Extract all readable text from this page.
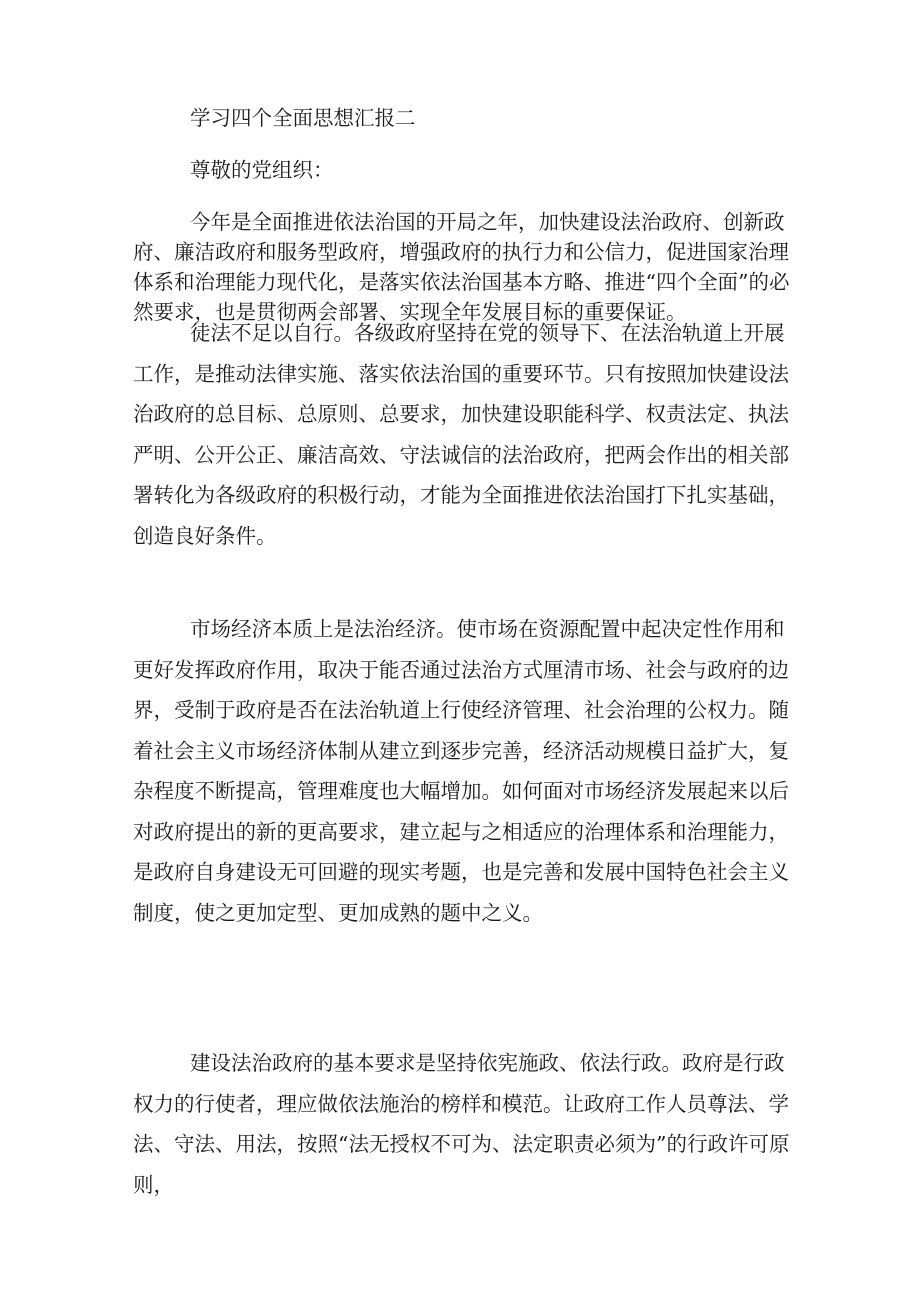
学习四个全面思想汇报二
尊敬的党组织：
今年是全面推进依法治国的开局之年，加快建设法治政府、创新政府、廉洁政府和服务型政府，增强政府的执行力和公信力，促进国家治理体系和治理能力现代化，是落实依法治国基本方略、推进“四个全面”的必然要求，也是贯彻两会部署、实现全年发展目标的重要保证。
徒法不足以自行。各级政府坚持在党的领导下、在法治轨道上开展工作，是推动法律实施、落实依法治国的重要环节。只有按照加快建设法治政府的总目标、总原则、总要求，加快建设职能科学、权责法定、执法严明、公开公正、廉洁高效、守法诚信的法治政府，把两会作出的相关部署转化为各级政府的积极行动，才能为全面推进依法治国打下扎实基础，创造良好条件。
市场经济本质上是法治经济。使市场在资源配置中起决定性作用和更好发挥政府作用，取决于能否通过法治方式厘清市场、社会与政府的边界，受制于政府是否在法治轨道上行使经济管理、社会治理的公权力。随着社会主义市场经济体制从建立到逐步完善，经济活动规模日益扩大，复杂程度不断提高，管理难度也大幅增加。如何面对市场经济发展起来以后对政府提出的新的更高要求，建立起与之相适应的治理体系和治理能力，是政府自身建设无可回避的现实考题，也是完善和发展中国特色社会主义制度，使之更加定型、更加成熟的题中之义。
建设法治政府的基本要求是坚持依宪施政、依法行政。政府是行政权力的行使者，理应做依法施治的榜样和模范。让政府工作人员尊法、学法、守法、用法，按照“法无授权不可为、法定职责必须为”的行政许可原则，
